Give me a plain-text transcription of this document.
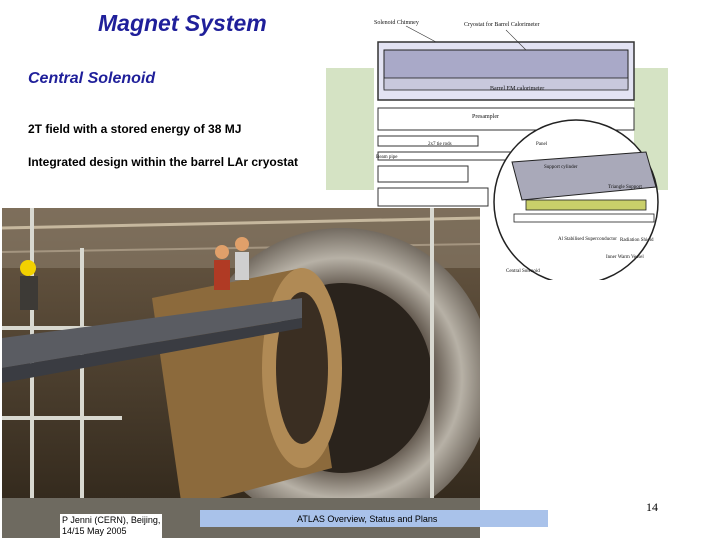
Magnet System
Central Solenoid
2T field with a stored energy of 38 MJ
Integrated design within the barrel LAr cryostat
Solenoid Chimney	Cryostat for Barrel Calorimeter
Barrel EM calorimeter
Presampler
2x7 tie rods	Panel
Beam pipe
Support cylinder
Triangle Support
Al Stabilised Superconductor Radiation Shield
Inner Warm Vessel
Central Solenoid
The solenoid has been inserted into the LAr cryostat at the end of February 2004, and it was tested at full current (8 kA) during July 2004
P Jenni (CERN), Beijing,
14/15 May 2005
ATLAS Overview, Status and Plans
14
